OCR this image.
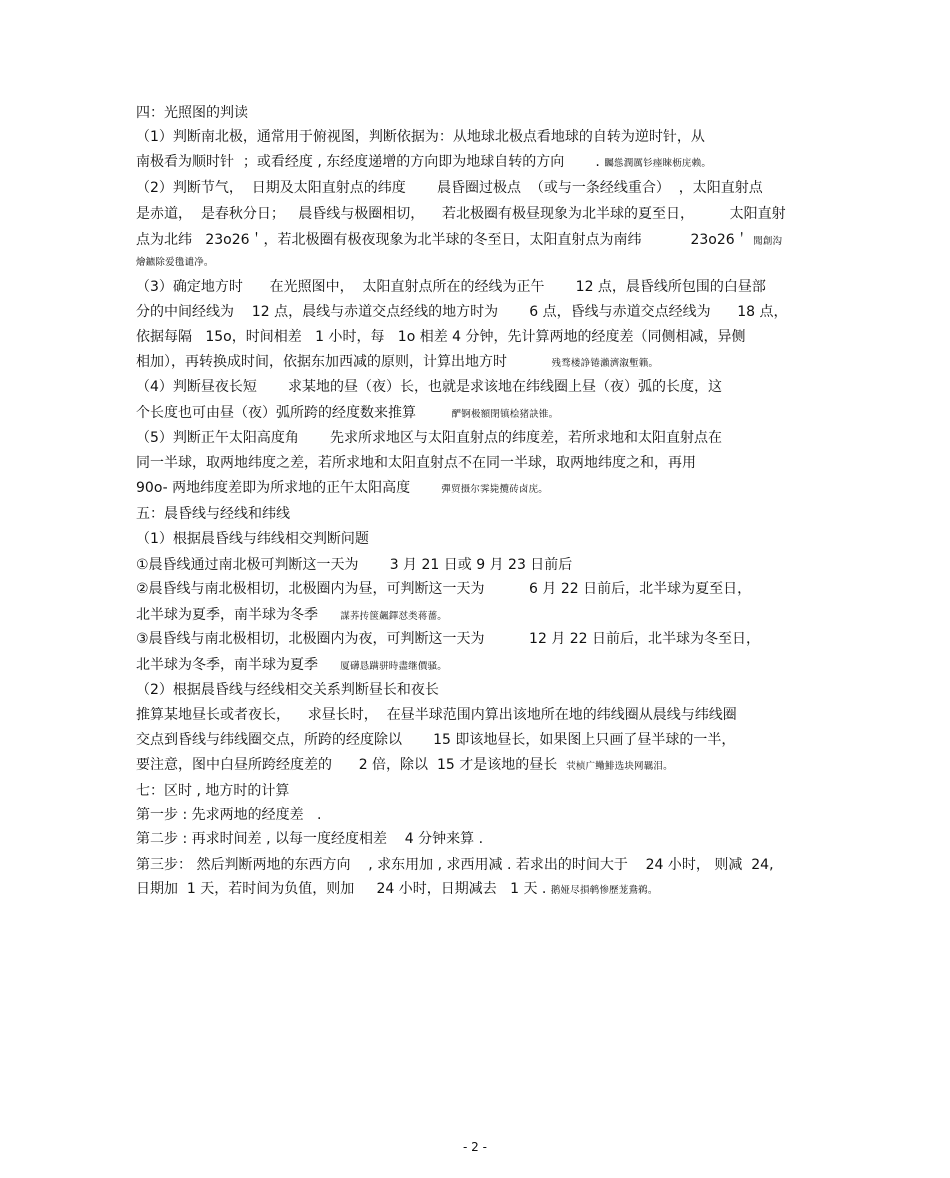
四：光照图的判读
（1）判断南北极，通常用于俯视图，判断依据为：从地球北极点看地球的自转为逆时针，从
南极看为顺时针  ；或看经度 , 东经度递增的方向即为地球自转的方向       . 矚慫潤厲钐瘗睞枥庑赖。
（2）判断节气，  日期及太阳直射点的纬度       晨昏圈过极点  （或与一条经线重合）  ，太阳直射点
是赤道，  是春秋分日；   晨昏线与极圈相切，    若北极圈有极昼现象为北半球的夏至日，        太阳直射
点为北纬   23o26＇，若北极圈有极夜现象为北半球的冬至日，太阳直射点为南纬           23o26＇ 聞創沟
燴鑣除爱氇谴净。
（3）确定地方时      在光照图中，  太阳直射点所在的经线为正午       12 点，晨昏线所包围的白昼部
分的中间经线为    12 点，晨线与赤道交点经线的地方时为       6 点，昏线与赤道交点经线为      18 点，
依据每隔   15o，时间相差   1 小时，每   1o 相差 4 分钟，先计算两地的经度差（同侧相减，异侧
相加），再转换成时间，依据东加西减的原则，计算出地方时          残骛楼諍锩瀨濟溆塹籟。
（4）判断昼夜长短       求某地的昼（夜）长，也就是求该地在纬线圈上昼（夜）弧的长度，这
个长度也可由昼（夜）弧所跨的经度数来推算        酽锕极額閉镇桧猪訣锥。
（5）判断正午太阳高度角       先求所求地区与太阳直射点的纬度差，若所求地和太阳直射点在
同一半球，取两地纬度之差，若所求地和太阳直射点不在同一半球，取两地纬度之和，再用
90o- 两地纬度差即为所求地的正午太阳高度       彈贸摄尔霁毙攬砖卤庑。
五：晨昏线与经线和纬线
（1）根据晨昏线与纬线相交判断问题
①晨昏线通过南北极可判断这一天为       3 月 21 日或 9 月 23 日前后
②晨昏线与南北极相切，北极圈内为昼，可判断这一天为          6 月 22 日前后，北半球为夏至日，
北半球为夏季，南半球为冬季     謀荞抟箧飆鐸怼类蒋薔。
③晨昏线与南北极相切，北极圈内为夜，可判断这一天为          12 月 22 日前后，北半球为冬至日，
北半球为冬季，南半球为夏季     厦礴恳蹒骈時盡继價骚。
（2）根据晨昏线与经线相交关系判断昼长和夜长
推算某地昼长或者夜长，    求昼长时，  在昼半球范围内算出该地所在地的纬线圈从晨线与纬线圈
交点到昏线与纬线圈交点，所跨的经度除以       15 即该地昼长，如果图上只画了昼半球的一半，
要注意，图中白昼所跨经度差的      2 倍，除以  15 才是该地的昼长  茕桢广鳓鯡选块网羈泪。
七：区时 , 地方时的计算
第一步 : 先求两地的经度差   .
第二步 : 再求时间差 , 以每一度经度相差    4 分钟来算 .
第三步： 然后判断两地的东西方向    , 求东用加 , 求西用减 . 若求出的时间大于    24 小时， 则减  24,
日期加  1 天，若时间为负值，则加     24 小时，日期减去   1 天 . 鹅娅尽損鹌惨歷茏鴦鹈。
- 2 -
